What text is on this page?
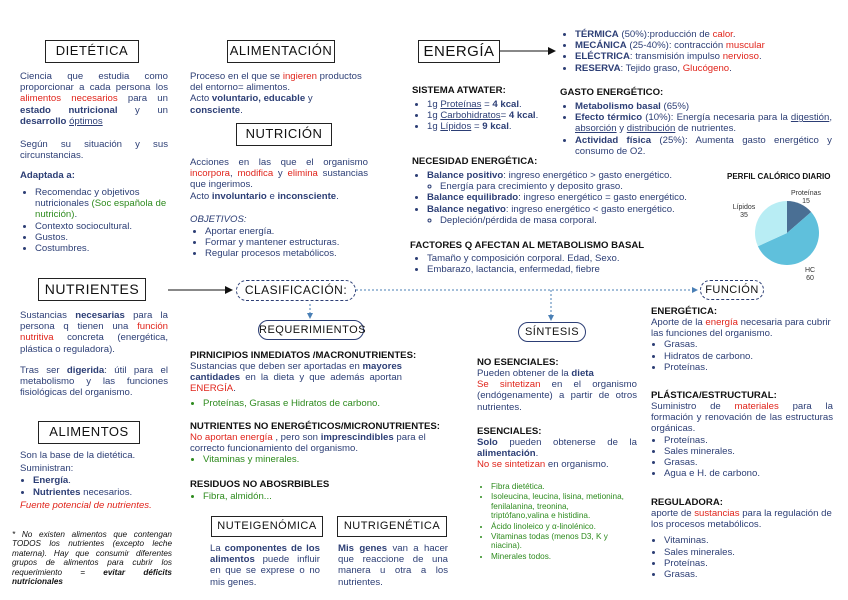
DIETÉTICA
Ciencia que estudia como proporcionar a cada persona los alimentos necesarios para un estado nutricional y un desarrollo óptimos
Según su situación y sus circunstancias.
Adaptada a:
• Recomendac y objetivos nutricionales (Soc española de nutrición).
• Contexto sociocultural.
• Gustos.
• Costumbres.
ALIMENTACIÓN

Proceso en el que se ingieren productos del entorno= alimentos.

Acto voluntario, educable y consciente.

NUTRICIÓN

Acciones en las que el organismo incorpora, modifica y elimina sustancias que ingerimos.

Acto involuntario e inconsciente.

OBJETIVOS:
• Aportar energía.
• Formar y mantener estructuras.
• Regular procesos metabólicos.
ENERGÍA
• TÉRMICA (50%):producción de calor.
• MECÁNICA (25-40%): contracción muscular
• ELÉCTRICA: transmisión impulso nervioso.
• RESERVA: Tejido graso, Glucógeno.
SISTEMA ATWATER:
• 1g Proteínas = 4 kcal.
• 1g Carbohidratos= 4 kcal.
• 1g Lípidos = 9 kcal.
GASTO ENERGÉTICO:
• Metabolismo basal (65%)
• Efecto térmico (10%): Energía necesaria para la digestión, absorción y distribución de nutrientes.
• Actividad física (25%): Aumenta gasto energético y consumo de O2.
NECESIDAD ENERGÉTICA:
• Balance positivo: ingreso energético > gasto energético.
◦ Energía para crecimiento y deposito graso.
• Balance equilibrado: ingreso energético = gasto energético.
• Balance negativo: ingreso energético < gasto energético.
◦ Depleción/pérdida de masa corporal.
FACTORES Q AFECTAN AL METABOLISMO BASAL
• Tamaño y composición corporal. Edad, Sexo.
• Embarazo, lactancia, enfermedad, fiebre
PERFIL CALÓRICO DIARIO
Proteínas
15
HC
60
Lípidos
35
NUTRIENTES

Sustancias necesarias para la persona q tienen una función nutritiva concreta (energética, plástica o reguladora).

Tras ser digerida: útil para el metabolismo y las funciones fisiológicas del organismo.

ALIMENTOS

Son la base de la dietética.

Suministran:

• Energía.
• Nutrientes necesarios.

Fuente potencial de nutrientes.

* No existen alimentos que contengan TODOS los nutrientes (excepto leche materna). Hay que consumir diferentes grupos de alimentos para cubrir los requerimiento = evitar déficits nutricionales
CLASIFICACIÓN:
REQUERIMIENTOS
PIRNICIPIOS INMEDIATOS /MACRONUTRIENTES:

Sustancias que deben ser aportadas en mayores cantidades en la dieta y que además aportan ENERGÍA.

• Proteínas, Grasas e Hidratos de carbono.
NUTRIENTES NO ENERGÉTICOS/MICRONUTRIENTES:

No aportan energía , pero son imprescindibles para el correcto funcionamiento del organismo.

• Vitaminas y minerales.
RESIDUOS NO ABOSRBIBLES
• Fibra, almidón...
NUTEIGENÓMICA
La componentes de los alimentos puede influir en que se exprese o no mis genes.
NUTRIGENÉTICA
Mis genes van a hacer que reaccione de una manera u otra a los nutrientes.
SÍNTESIS
NO ESENCIALES:

Pueden obtener de la dieta

Se sintetizan en el organismo (endógenamente) a partir de otros nutrientes.

ESENCIALES:

Solo pueden obtenerse de la alimentación.

No se sintetizan en organismo.

• Fibra dietética.
• Isoleucina, leucina, lisina, metionina, fenilalanina, treonina, triptófano,valina e histidina.
• Ácido linoleico y α-linolénico.
• Vitaminas todas (menos D3, K y niacina).
• Minerales todos.
FUNCIÓN

ENERGÉTICA:

Aporte de la energía necesaria para cubrir las funciones del organismo.

• Grasas.
• Hidratos de carbono.
• Proteínas.

PLÁSTICA/ESTRUCTURAL:

Suministro de materiales para la formación y renovación de las estructuras orgánicas.

• Proteínas.
• Sales minerales.
• Grasas.
• Agua e H. de carbono.

REGULADORA:

aporte de sustancias para la regulación de los procesos metabólicos.

• Vitaminas.
• Sales minerales.
• Proteínas.
• Grasas.
